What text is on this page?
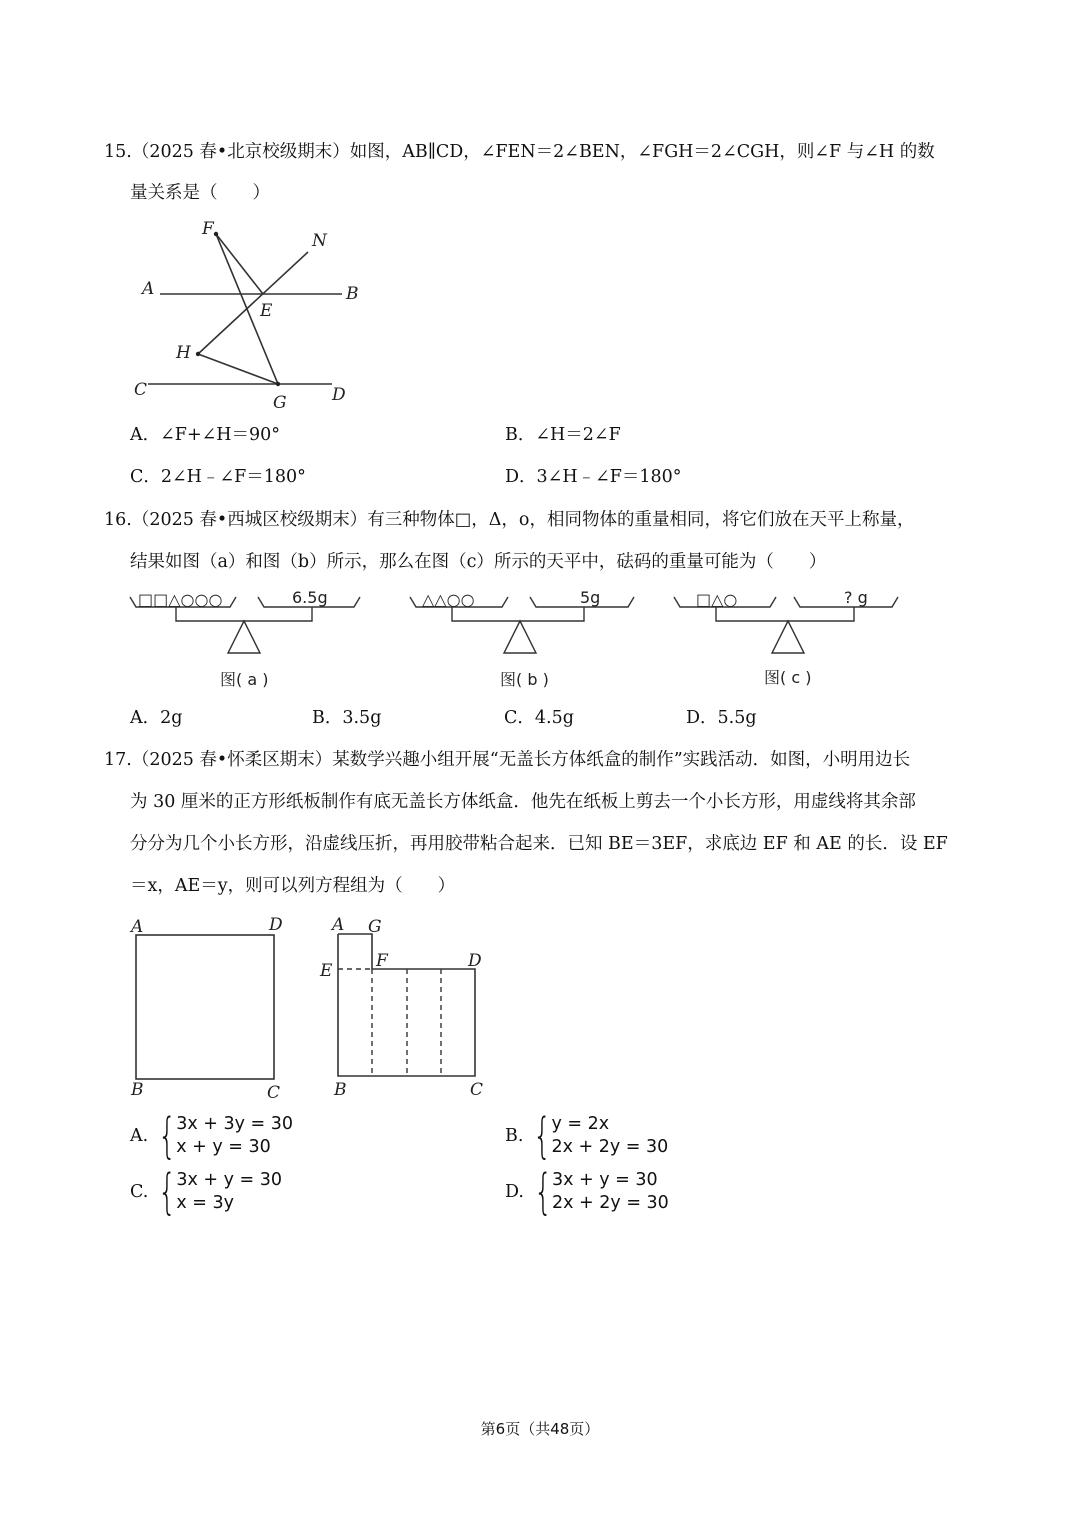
15.（2025 春•北京校级期末）如图，AB∥CD，∠FEN＝2∠BEN，∠FGH＝2∠CGH，则∠F 与∠H 的数
量关系是（　　）
F
N
A	B
E
H
C
G	D
A．∠F+∠H＝90°	B．∠H＝2∠F
C．2∠H﹣∠F＝180°	D．3∠H﹣∠F＝180°
16.（2025 春•西城区校级期末）有三种物体□，Δ，o，相同物体的重量相同，将它们放在天平上称量，
结果如图（a）和图（b）所示，那么在图（c）所示的天平中，砝码的重量可能为（　　）
□□△○○○	6.5g
图( a )
△△○○	5g
图( b )
□△○	? g
图( c )
A．2g	B．3.5g	C．4.5g	D．5.5g
17.（2025 春•怀柔区期末）某数学兴趣小组开展“无盖长方体纸盒的制作”实践活动．如图，小明用边长
为 30 厘米的正方形纸板制作有底无盖长方体纸盒．他先在纸板上剪去一个小长方形，用虚线将其余部
分分为几个小长方形，沿虚线压折，再用胶带粘合起来．已知 BE＝3EF，求底边 EF 和 AE 的长．设 EF
＝x，AE＝y，则可以列方程组为（　　）
A	D
B	C
A G
E	F	D
B	C
A. { 3x + 3y = 30
x + y = 30
B. { y = 2x
2x + 2y = 30
C. { 3x + y = 30
x = 3y
D. { 3x + y = 30
2x + 2y = 30
第6页（共48页）
